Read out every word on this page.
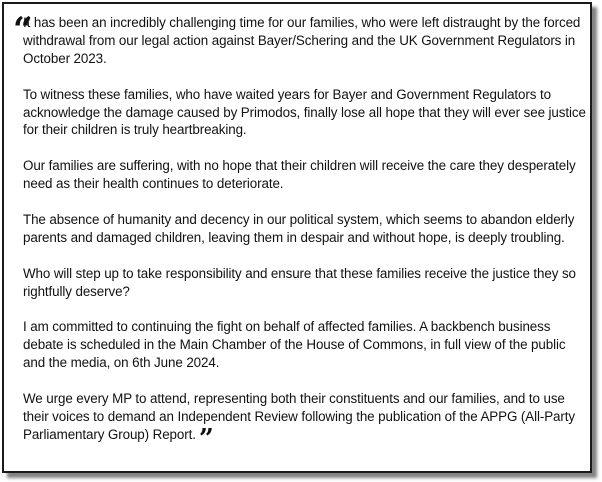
“

It has been an incredibly challenging time for our families, who were left distraught by the forced withdrawal from our legal action against Bayer/Schering and the UK Government Regulators in October 2023.

To witness these families, who have waited years for Bayer and Government Regulators to acknowledge the damage caused by Primodos, finally lose all hope that they will ever see justice for their children is truly heartbreaking.

Our families are suffering, with no hope that their children will receive the care they desperately need as their health continues to deteriorate.

The absence of humanity and decency in our political system, which seems to abandon elderly parents and damaged children, leaving them in despair and without hope, is deeply troubling.

Who will step up to take responsibility and ensure that these families receive the justice they so rightfully deserve?

I am committed to continuing the fight on behalf of affected families. A backbench business debate is scheduled in the Main Chamber of the House of Commons, in full view of the public and the media, on 6th June 2024.

We urge every MP to attend, representing both their constituents and our families, and to use their voices to demand an Independent Review following the publication of the APPG (All-Party Parliamentary Group) Report. ”
